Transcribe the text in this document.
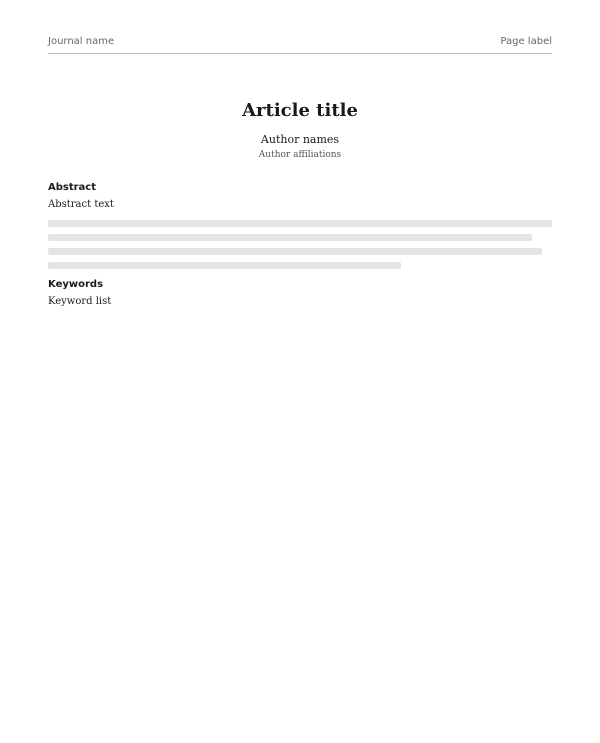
Journal name	Page label
Article title
Author names
Author affiliations
Abstract

Abstract text

Keywords

Keyword list
